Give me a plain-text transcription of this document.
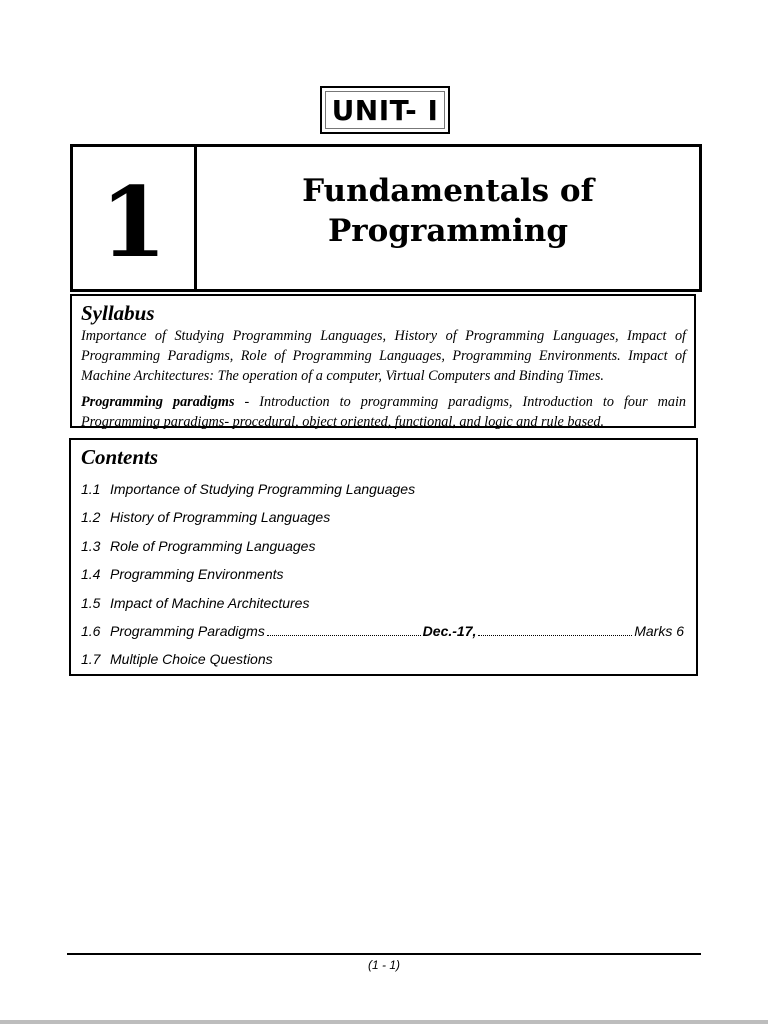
UNIT- I
1	Fundamentals of
Programming

Syllabus

Importance of Studying Programming Languages, History of Programming Languages, Impact of Programming Paradigms, Role of Programming Languages, Programming Environments. Impact of Machine Architectures: The operation of a computer, Virtual Computers and Binding Times.

Programming paradigms - Introduction to programming paradigms, Introduction to four main Programming paradigms- procedural, object oriented, functional, and logic and rule based.

Contents

1.1 Importance of Studying Programming Languages
1.2 History of Programming Languages
1.3 Role of Programming Languages
1.4 Programming Environments
1.5 Impact of Machine Architectures
1.6 Programming Paradigms	Dec.-17,	Marks 6
1.7 Multiple Choice Questions
(1 - 1)
